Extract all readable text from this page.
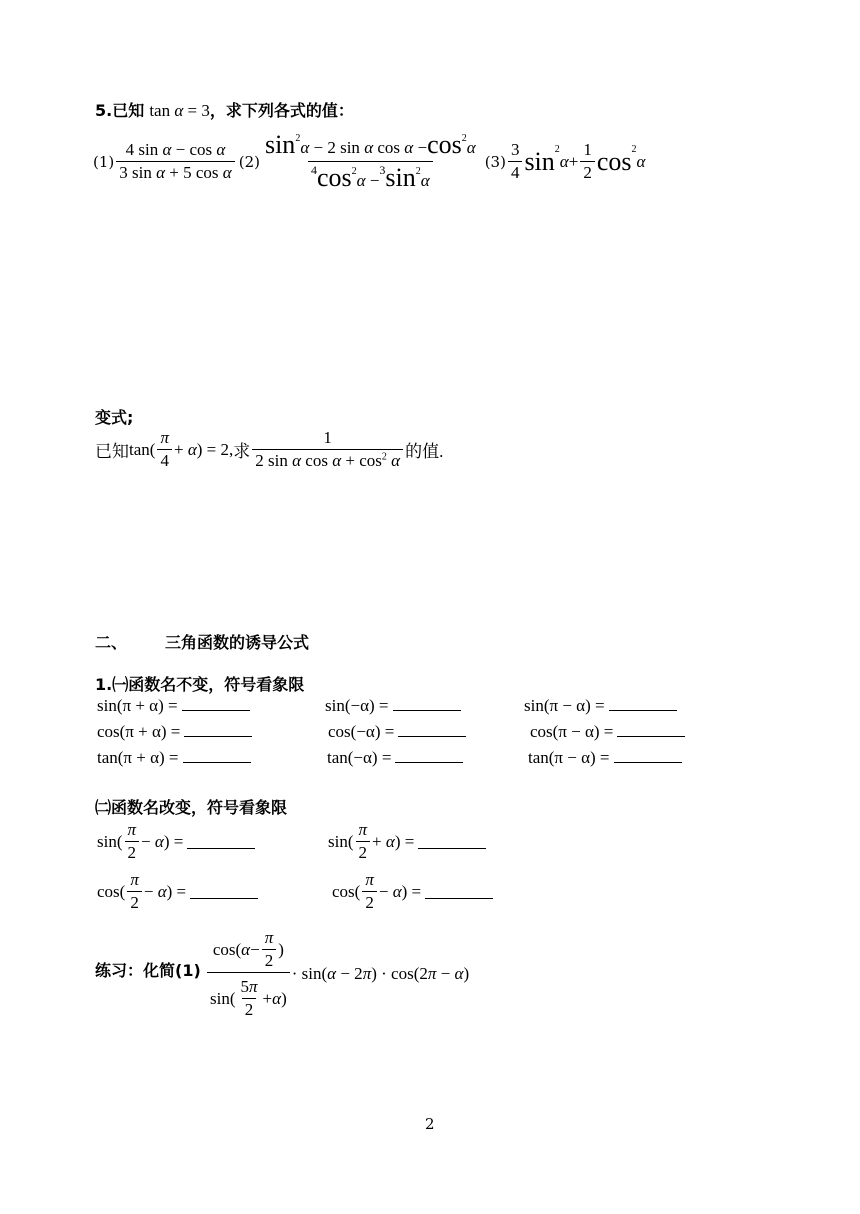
5.已知 tan α = 3，求下列各式的值：
$(1) \frac{\text{4 sin α − cos α}}{\text{3 sin α + 5 cos α}} (2) \frac{\sin^2\alpha - 2 \sin \alpha \cos \alpha -\cos^2\alpha}{^4\cos^2\alpha -^3\sin^2\alpha} (3) \frac{3}{4}$ sin 2
$\alpha + \frac{1}{2}$ cos 2
α
变式;
已知 $\tan( \frac{\pi}{4} + \alpha) = 2$, 求 $\frac{1}{2 \sin \alpha \cos \alpha + \cos^2 \alpha}$ 的值.
二、 三角函数的诱导公式
1.㈠函数名不变，符号看象限
sin(π + α) =	sin(−α) =	sin(π − α) =
cos(π + α) =	cos(−α) =	cos(π − α) =
tan(π + α) =	tan(−α) =	tan(π − α) =
㈡函数名改变，符号看象限
$\sin( \frac{\pi}{2} - \alpha)$ =	$\sin( \frac{\pi}{2} + \alpha)$ =
$\cos( \frac{\pi}{2} - \alpha)$ =	$\cos( \frac{\pi}{2} - \alpha)$ =
练习：化简$(1) \frac{\cos( \alpha - \frac{\pi}{2} )}{\sin( \frac{5\pi}{2} + \alpha )} \cdot \sin(\alpha - 2\pi) \cdot \cos(2\pi - \alpha)$
2
